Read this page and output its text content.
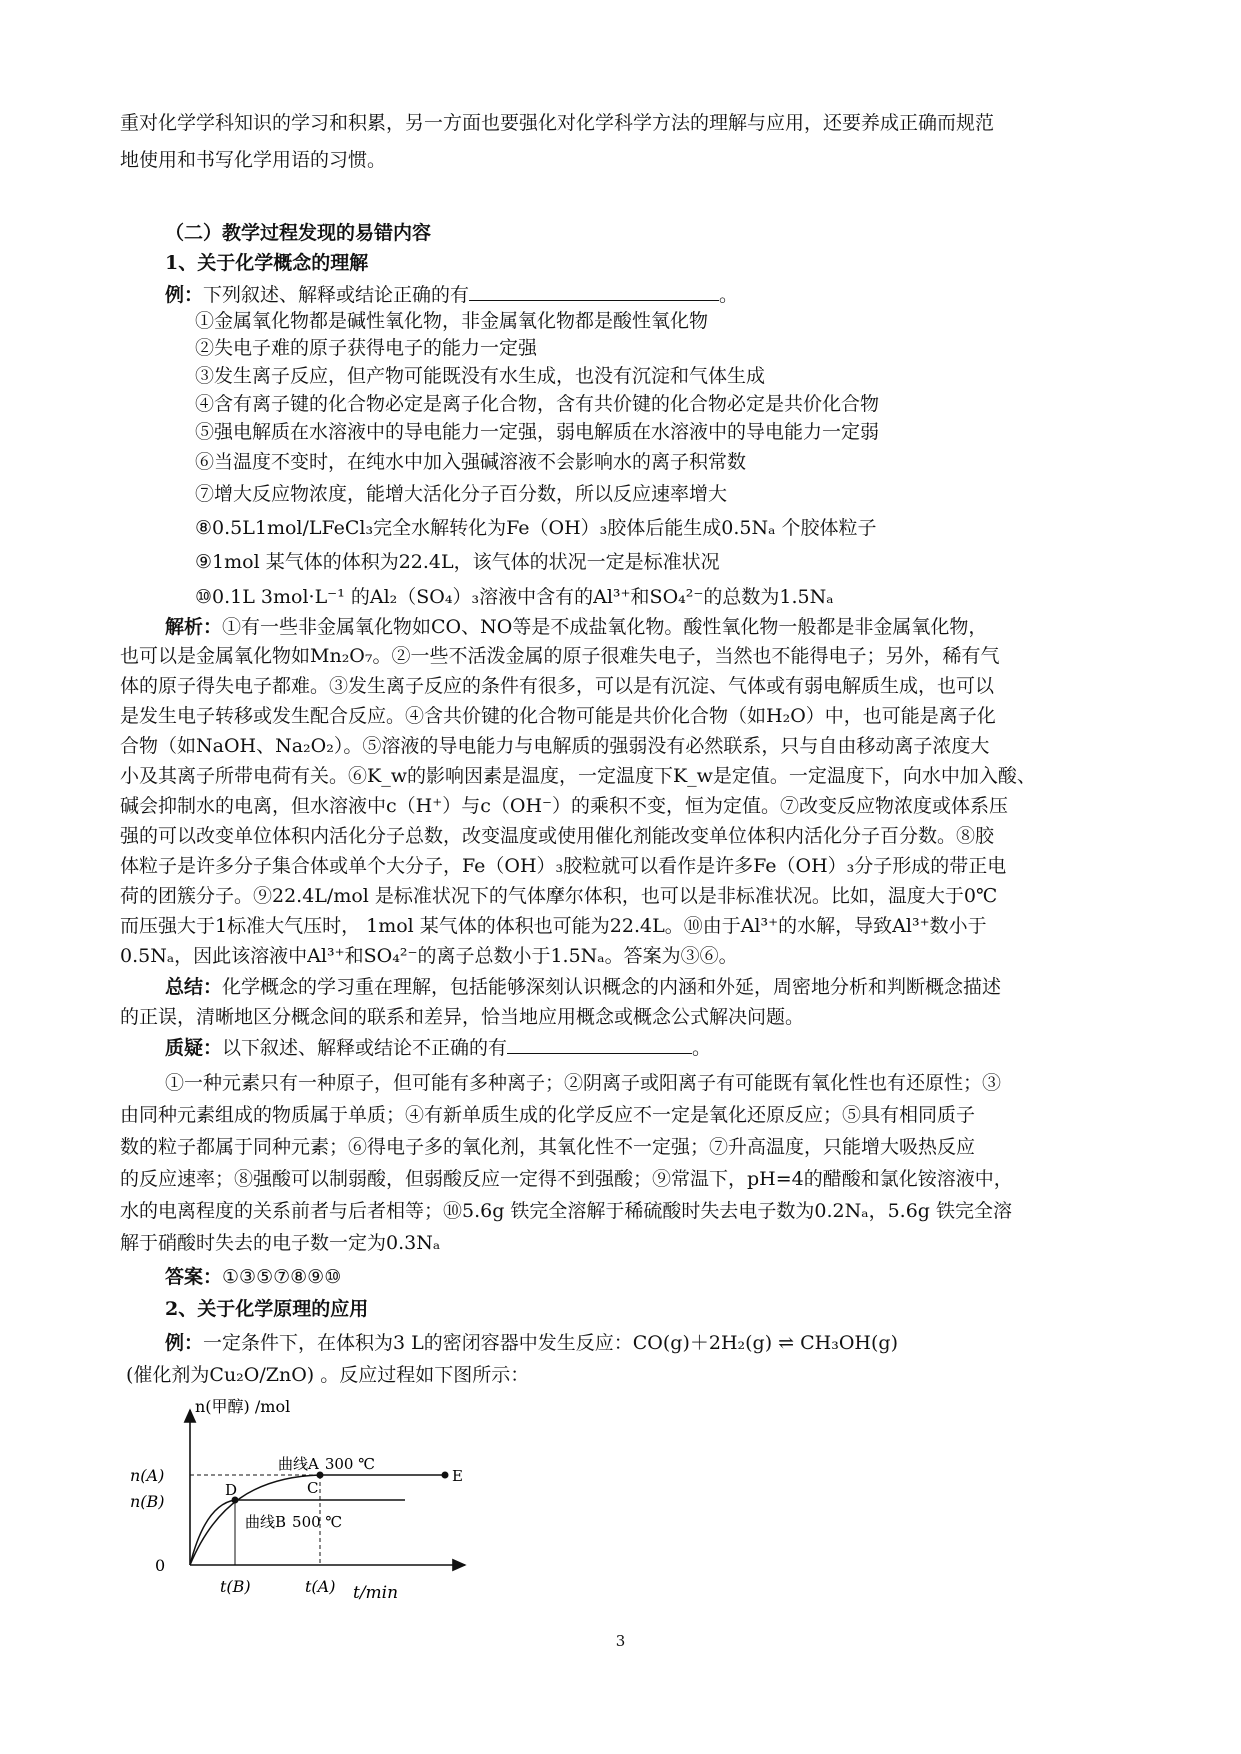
重对化学学科知识的学习和积累，另一方面也要强化对化学科学方法的理解与应用，还要养成正确而规范
地使用和书写化学用语的习惯。
（二）教学过程发现的易错内容
1、关于化学概念的理解
例：下列叙述、解释或结论正确的有	。
①金属氧化物都是碱性氧化物，非金属氧化物都是酸性氧化物
②失电子难的原子获得电子的能力一定强
③发生离子反应，但产物可能既没有水生成，也没有沉淀和气体生成
④含有离子键的化合物必定是离子化合物，含有共价键的化合物必定是共价化合物
⑤强电解质在水溶液中的导电能力一定强，弱电解质在水溶液中的导电能力一定弱
⑥当温度不变时，在纯水中加入强碱溶液不会影响水的离子积常数
⑦增大反应物浓度，能增大活化分子百分数，所以反应速率增大
⑧0.5L1mol/LFeCl₃完全水解转化为Fe（OH）₃胶体后能生成0.5Nₐ 个胶体粒子
⑨1mol 某气体的体积为22.4L，该气体的状况一定是标准状况
⑩0.1L 3mol·L⁻¹ 的Al₂（SO₄）₃溶液中含有的Al³⁺和SO₄²⁻的总数为1.5Nₐ
解析：①有一些非金属氧化物如CO、NO等是不成盐氧化物。酸性氧化物一般都是非金属氧化物，
也可以是金属氧化物如Mn₂O₇。②一些不活泼金属的原子很难失电子，当然也不能得电子；另外，稀有气
体的原子得失电子都难。③发生离子反应的条件有很多，可以是有沉淀、气体或有弱电解质生成，也可以
是发生电子转移或发生配合反应。④含共价键的化合物可能是共价化合物（如H₂O）中，也可能是离子化
合物（如NaOH、Na₂O₂）。⑤溶液的导电能力与电解质的强弱没有必然联系，只与自由移动离子浓度大
小及其离子所带电荷有关。⑥K_w的影响因素是温度，一定温度下K_w是定值。一定温度下，向水中加入酸、
碱会抑制水的电离，但水溶液中c（H⁺）与c（OH⁻）的乘积不变，恒为定值。⑦改变反应物浓度或体系压
强的可以改变单位体积内活化分子总数，改变温度或使用催化剂能改变单位体积内活化分子百分数。⑧胶
体粒子是许多分子集合体或单个大分子，Fe（OH）₃胶粒就可以看作是许多Fe（OH）₃分子形成的带正电
荷的团簇分子。⑨22.4L/mol 是标准状况下的气体摩尔体积，也可以是非标准状况。比如，温度大于0℃
而压强大于1标准大气压时， 1mol 某气体的体积也可能为22.4L。⑩由于Al³⁺的水解，导致Al³⁺数小于
0.5Nₐ，因此该溶液中Al³⁺和SO₄²⁻的离子总数小于1.5Nₐ。答案为③⑥。
总结：化学概念的学习重在理解，包括能够深刻认识概念的内涵和外延，周密地分析和判断概念描述
的正误，清晰地区分概念间的联系和差异，恰当地应用概念或概念公式解决问题。
质疑：以下叙述、解释或结论不正确的有	。
①一种元素只有一种原子，但可能有多种离子；②阴离子或阳离子有可能既有氧化性也有还原性；③
由同种元素组成的物质属于单质；④有新单质生成的化学反应不一定是氧化还原反应；⑤具有相同质子
数的粒子都属于同种元素；⑥得电子多的氧化剂，其氧化性不一定强；⑦升高温度，只能增大吸热反应
的反应速率；⑧强酸可以制弱酸，但弱酸反应一定得不到强酸；⑨常温下，pH=4的醋酸和氯化铵溶液中，
水的电离程度的关系前者与后者相等；⑩5.6g 铁完全溶解于稀硫酸时失去电子数为0.2Nₐ，5.6g 铁完全溶
解于硝酸时失去的电子数一定为0.3Nₐ
答案：①③⑤⑦⑧⑨⑩
2、关于化学原理的应用
例：一定条件下，在体积为3 L的密闭容器中发生反应：CO(g)＋2H₂(g) ⇌ CH₃OH(g)
(催化剂为Cu₂O/ZnO) 。反应过程如下图所示：
n(甲醇) /mol
n(A)
n(B)
0
t(B)	t(A) t/min
D	C
E
曲线A 300 ℃
曲线B 500 ℃
3
